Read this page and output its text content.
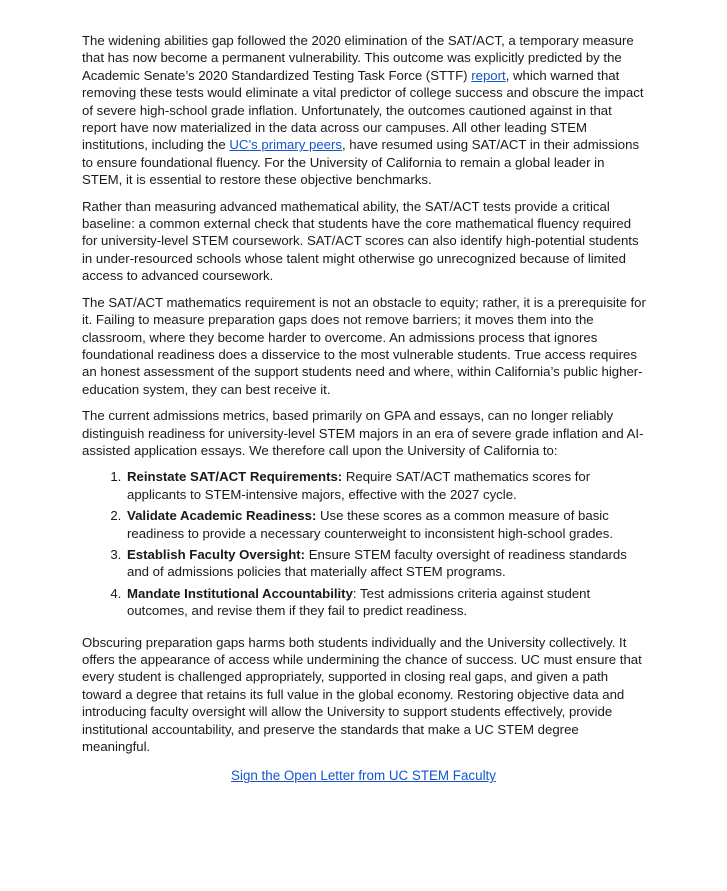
The widening abilities gap followed the 2020 elimination of the SAT/ACT, a temporary measure that has now become a permanent vulnerability. This outcome was explicitly predicted by the Academic Senate’s 2020 Standardized Testing Task Force (STTF) report, which warned that removing these tests would eliminate a vital predictor of college success and obscure the impact of severe high-school grade inflation. Unfortunately, the outcomes cautioned against in that report have now materialized in the data across our campuses. All other leading STEM institutions, including the UC’s primary peers, have resumed using SAT/ACT in their admissions to ensure foundational fluency. For the University of California to remain a global leader in STEM, it is essential to restore these objective benchmarks.

Rather than measuring advanced mathematical ability, the SAT/ACT tests provide a critical baseline: a common external check that students have the core mathematical fluency required for university-level STEM coursework. SAT/ACT scores can also identify high-potential students in under-resourced schools whose talent might otherwise go unrecognized because of limited access to advanced coursework.

The SAT/ACT mathematics requirement is not an obstacle to equity; rather, it is a prerequisite for it. Failing to measure preparation gaps does not remove barriers; it moves them into the classroom, where they become harder to overcome. An admissions process that ignores foundational readiness does a disservice to the most vulnerable students. True access requires an honest assessment of the support students need and where, within California’s public higher-education system, they can best receive it.

The current admissions metrics, based primarily on GPA and essays, can no longer reliably distinguish readiness for university-level STEM majors in an era of severe grade inflation and AI-assisted application essays. We therefore call upon the University of California to:

1. Reinstate SAT/ACT Requirements: Require SAT/ACT mathematics scores for applicants to STEM-intensive majors, effective with the 2027 cycle.
2. Validate Academic Readiness: Use these scores as a common measure of basic readiness to provide a necessary counterweight to inconsistent high-school grades.
3. Establish Faculty Oversight: Ensure STEM faculty oversight of readiness standards and of admissions policies that materially affect STEM programs.
4. Mandate Institutional Accountability: Test admissions criteria against student outcomes, and revise them if they fail to predict readiness.

Obscuring preparation gaps harms both students individually and the University collectively. It offers the appearance of access while undermining the chance of success. UC must ensure that every student is challenged appropriately, supported in closing real gaps, and given a path toward a degree that retains its full value in the global economy. Restoring objective data and introducing faculty oversight will allow the University to support students effectively, provide institutional accountability, and preserve the standards that make a UC STEM degree meaningful.

Sign the Open Letter from UC STEM Faculty
